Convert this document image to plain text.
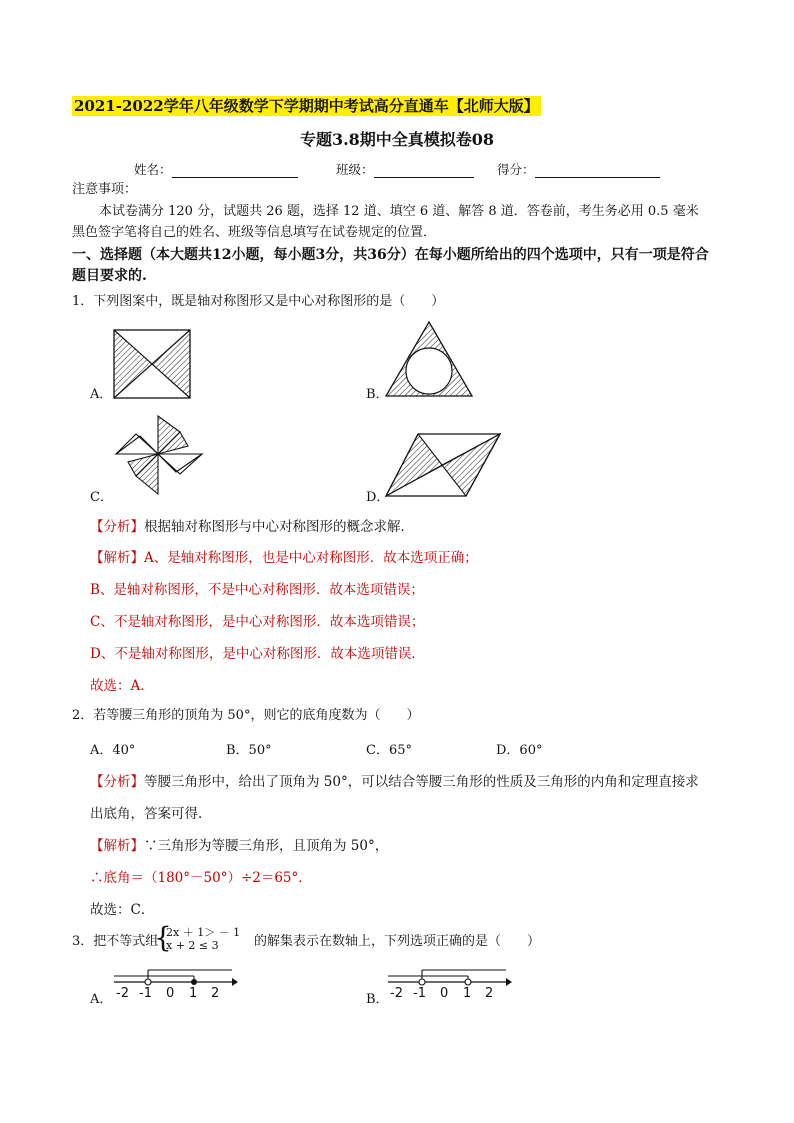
2021-2022学年八年级数学下学期期中考试高分直通车【北师大版】
专题3.8期中全真模拟卷08
姓名：	班级：	得分：
注意事项：
本试卷满分 120 分，试题共 26 题，选择 12 道、填空 6 道、解答 8 道．答卷前，考生务必用 0.5 毫米
黑色签字笔将自己的姓名、班级等信息填写在试卷规定的位置．
一、选择题（本大题共12小题，每小题3分，共36分）在每小题所给出的四个选项中，只有一项是符合题目要求的.
1．下列图案中，既是轴对称图形又是中心对称图形的是（　　）
A．	B．
C．	D．
【分析】根据轴对称图形与中心对称图形的概念求解．
【解析】A、是轴对称图形，也是中心对称图形．故本选项正确；
B、是轴对称图形，不是中心对称图形．故本选项错误；
C、不是轴对称图形，是中心对称图形．故本选项错误；
D、不是轴对称图形，是中心对称图形．故本选项错误．
故选：A．
2．若等腰三角形的顶角为 50°，则它的底角度数为（　　）
A．40°	B．50°	C．65°	D．60°
【分析】等腰三角形中，给出了顶角为 50°，可以结合等腰三角形的性质及三角形的内角和定理直接求
出底角，答案可得．
【解析】∵三角形为等腰三角形，且顶角为 50°，
∴底角＝（180°－50°）÷2＝65°．
故选：C．
3．把不等式组
{
2x ＋ 1＞ － 1
x + 2 ≤ 3	的解集表示在数轴上，下列选项正确的是（　　）
A． -2 -1 0 1 2	B． -2 -1 0 1 2
